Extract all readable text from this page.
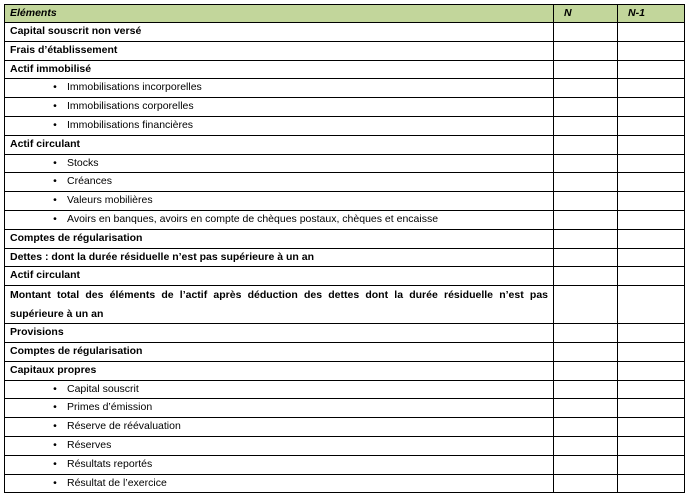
Eléments	N	N-1
Capital souscrit non versé		
Frais d’établissement		
Actif immobilisé		
• Immobilisations incorporelles		
• Immobilisations corporelles		
• Immobilisations financières		
Actif circulant		
• Stocks		
• Créances		
• Valeurs mobilières		
• Avoirs en banques, avoirs en compte de chèques postaux, chèques et encaisse		
Comptes de régularisation		
Dettes : dont la durée résiduelle n’est pas supérieure à un an		
Actif circulant		
Montant total des éléments de l’actif après déduction des dettes dont la durée résiduelle n’est pas supérieure à un an		
Provisions		
Comptes de régularisation		
Capitaux propres		
• Capital souscrit		
• Primes d’émission		
• Réserve de réévaluation		
• Réserves		
• Résultats reportés		
• Résultat de l’exercice		
